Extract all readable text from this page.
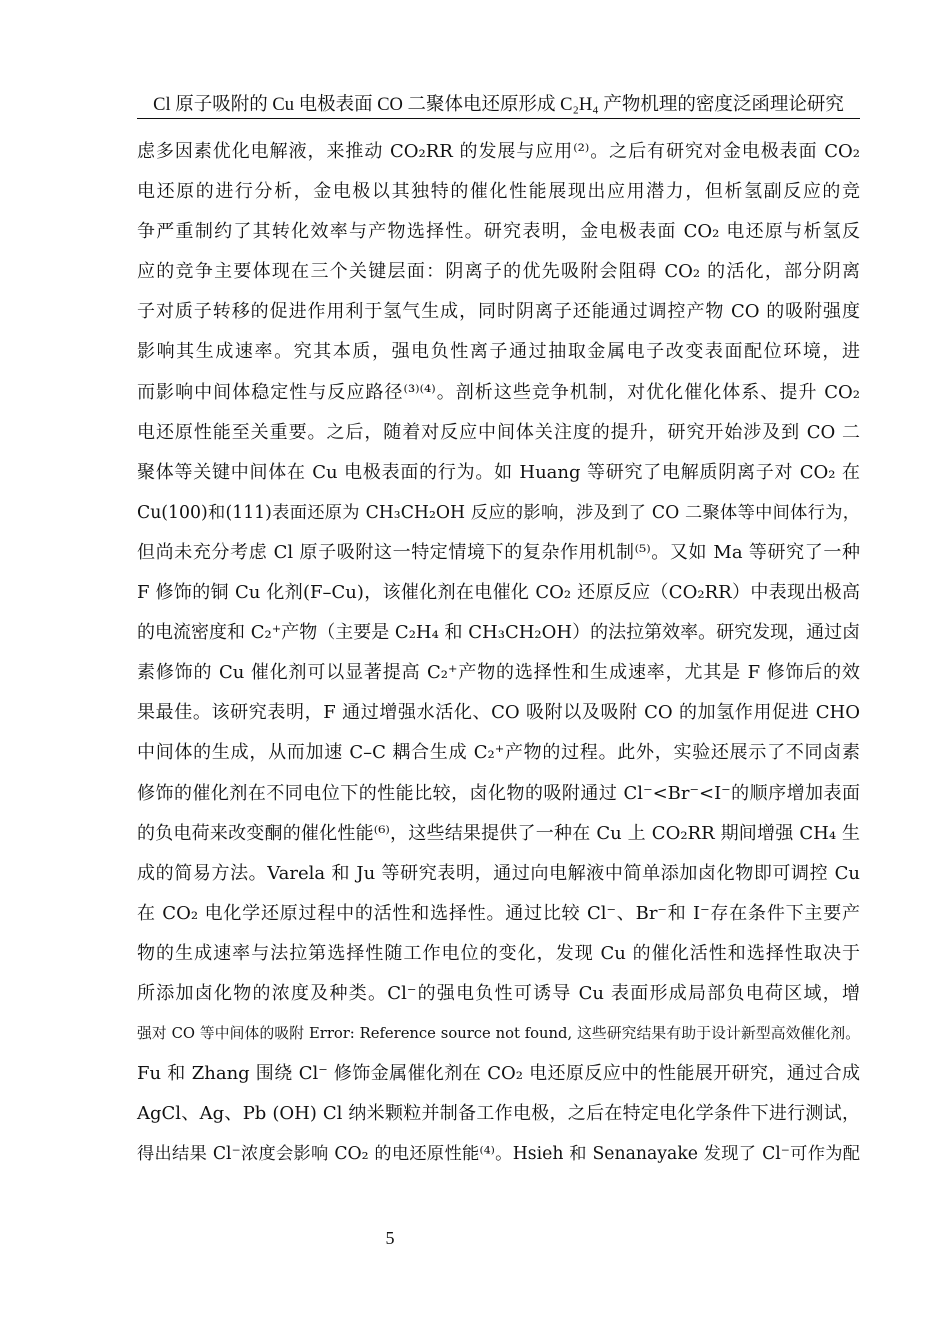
Cl 原子吸附的 Cu 电极表面 CO 二聚体电还原形成 C₂H₄ 产物机理的密度泛函理论研究
虑多因素优化电解液，来推动 CO₂RR 的发展与应用⁽²⁾。之后有研究对金电极表面 CO₂
电还原的进行分析，金电极以其独特的催化性能展现出应用潜力，但析氢副反应的竞
争严重制约了其转化效率与产物选择性。研究表明，金电极表面 CO₂ 电还原与析氢反
应的竞争主要体现在三个关键层面：阴离子的优先吸附会阻碍 CO₂ 的活化，部分阴离
子对质子转移的促进作用利于氢气生成，同时阴离子还能通过调控产物 CO 的吸附强度
影响其生成速率。究其本质，强电负性离子通过抽取金属电子改变表面配位环境，进
而影响中间体稳定性与反应路径⁽³⁾⁽⁴⁾。剖析这些竞争机制，对优化催化体系、提升 CO₂
电还原性能至关重要。之后，随着对反应中间体关注度的提升，研究开始涉及到 CO 二
聚体等关键中间体在 Cu 电极表面的行为。如 Huang 等研究了电解质阴离子对 CO₂ 在
Cu(100)和(111)表面还原为 CH₃CH₂OH 反应的影响，涉及到了 CO 二聚体等中间体行为，
但尚未充分考虑 Cl 原子吸附这一特定情境下的复杂作用机制⁽⁵⁾。又如 Ma 等研究了一种
F 修饰的铜 Cu 化剂(F–Cu)，该催化剂在电催化 CO₂ 还原反应（CO₂RR）中表现出极高
的电流密度和 C₂⁺产物（主要是 C₂H₄ 和 CH₃CH₂OH）的法拉第效率。研究发现，通过卤
素修饰的 Cu 催化剂可以显著提高 C₂⁺产物的选择性和生成速率，尤其是 F 修饰后的效
果最佳。该研究表明，F 通过增强水活化、CO 吸附以及吸附 CO 的加氢作用促进 CHO
中间体的生成，从而加速 C–C 耦合生成 C₂⁺产物的过程。此外，实验还展示了不同卤素
修饰的催化剂在不同电位下的性能比较，卤化物的吸附通过 Cl⁻<Br⁻<I⁻的顺序增加表面
的负电荷来改变酮的催化性能⁽⁶⁾，这些结果提供了一种在 Cu 上 CO₂RR 期间增强 CH₄ 生
成的简易方法。Varela 和 Ju 等研究表明，通过向电解液中简单添加卤化物即可调控 Cu
在 CO₂ 电化学还原过程中的活性和选择性。通过比较 Cl⁻、Br⁻和 I⁻存在条件下主要产
物的生成速率与法拉第选择性随工作电位的变化，发现 Cu 的催化活性和选择性取决于
所添加卤化物的浓度及种类。Cl⁻的强电负性可诱导 Cu 表面形成局部负电荷区域，增
强对 CO 等中间体的吸附 Error: Reference source not found, 这些研究结果有助于设计新型高效催化剂。
Fu 和 Zhang 围绕 Cl⁻ 修饰金属催化剂在 CO₂ 电还原反应中的性能展开研究，通过合成
AgCl、Ag、Pb (OH) Cl 纳米颗粒并制备工作电极，之后在特定电化学条件下进行测试，
得出结果 Cl⁻浓度会影响 CO₂ 的电还原性能⁽⁴⁾。Hsieh 和 Senanayake 发现了 Cl⁻可作为配
5
